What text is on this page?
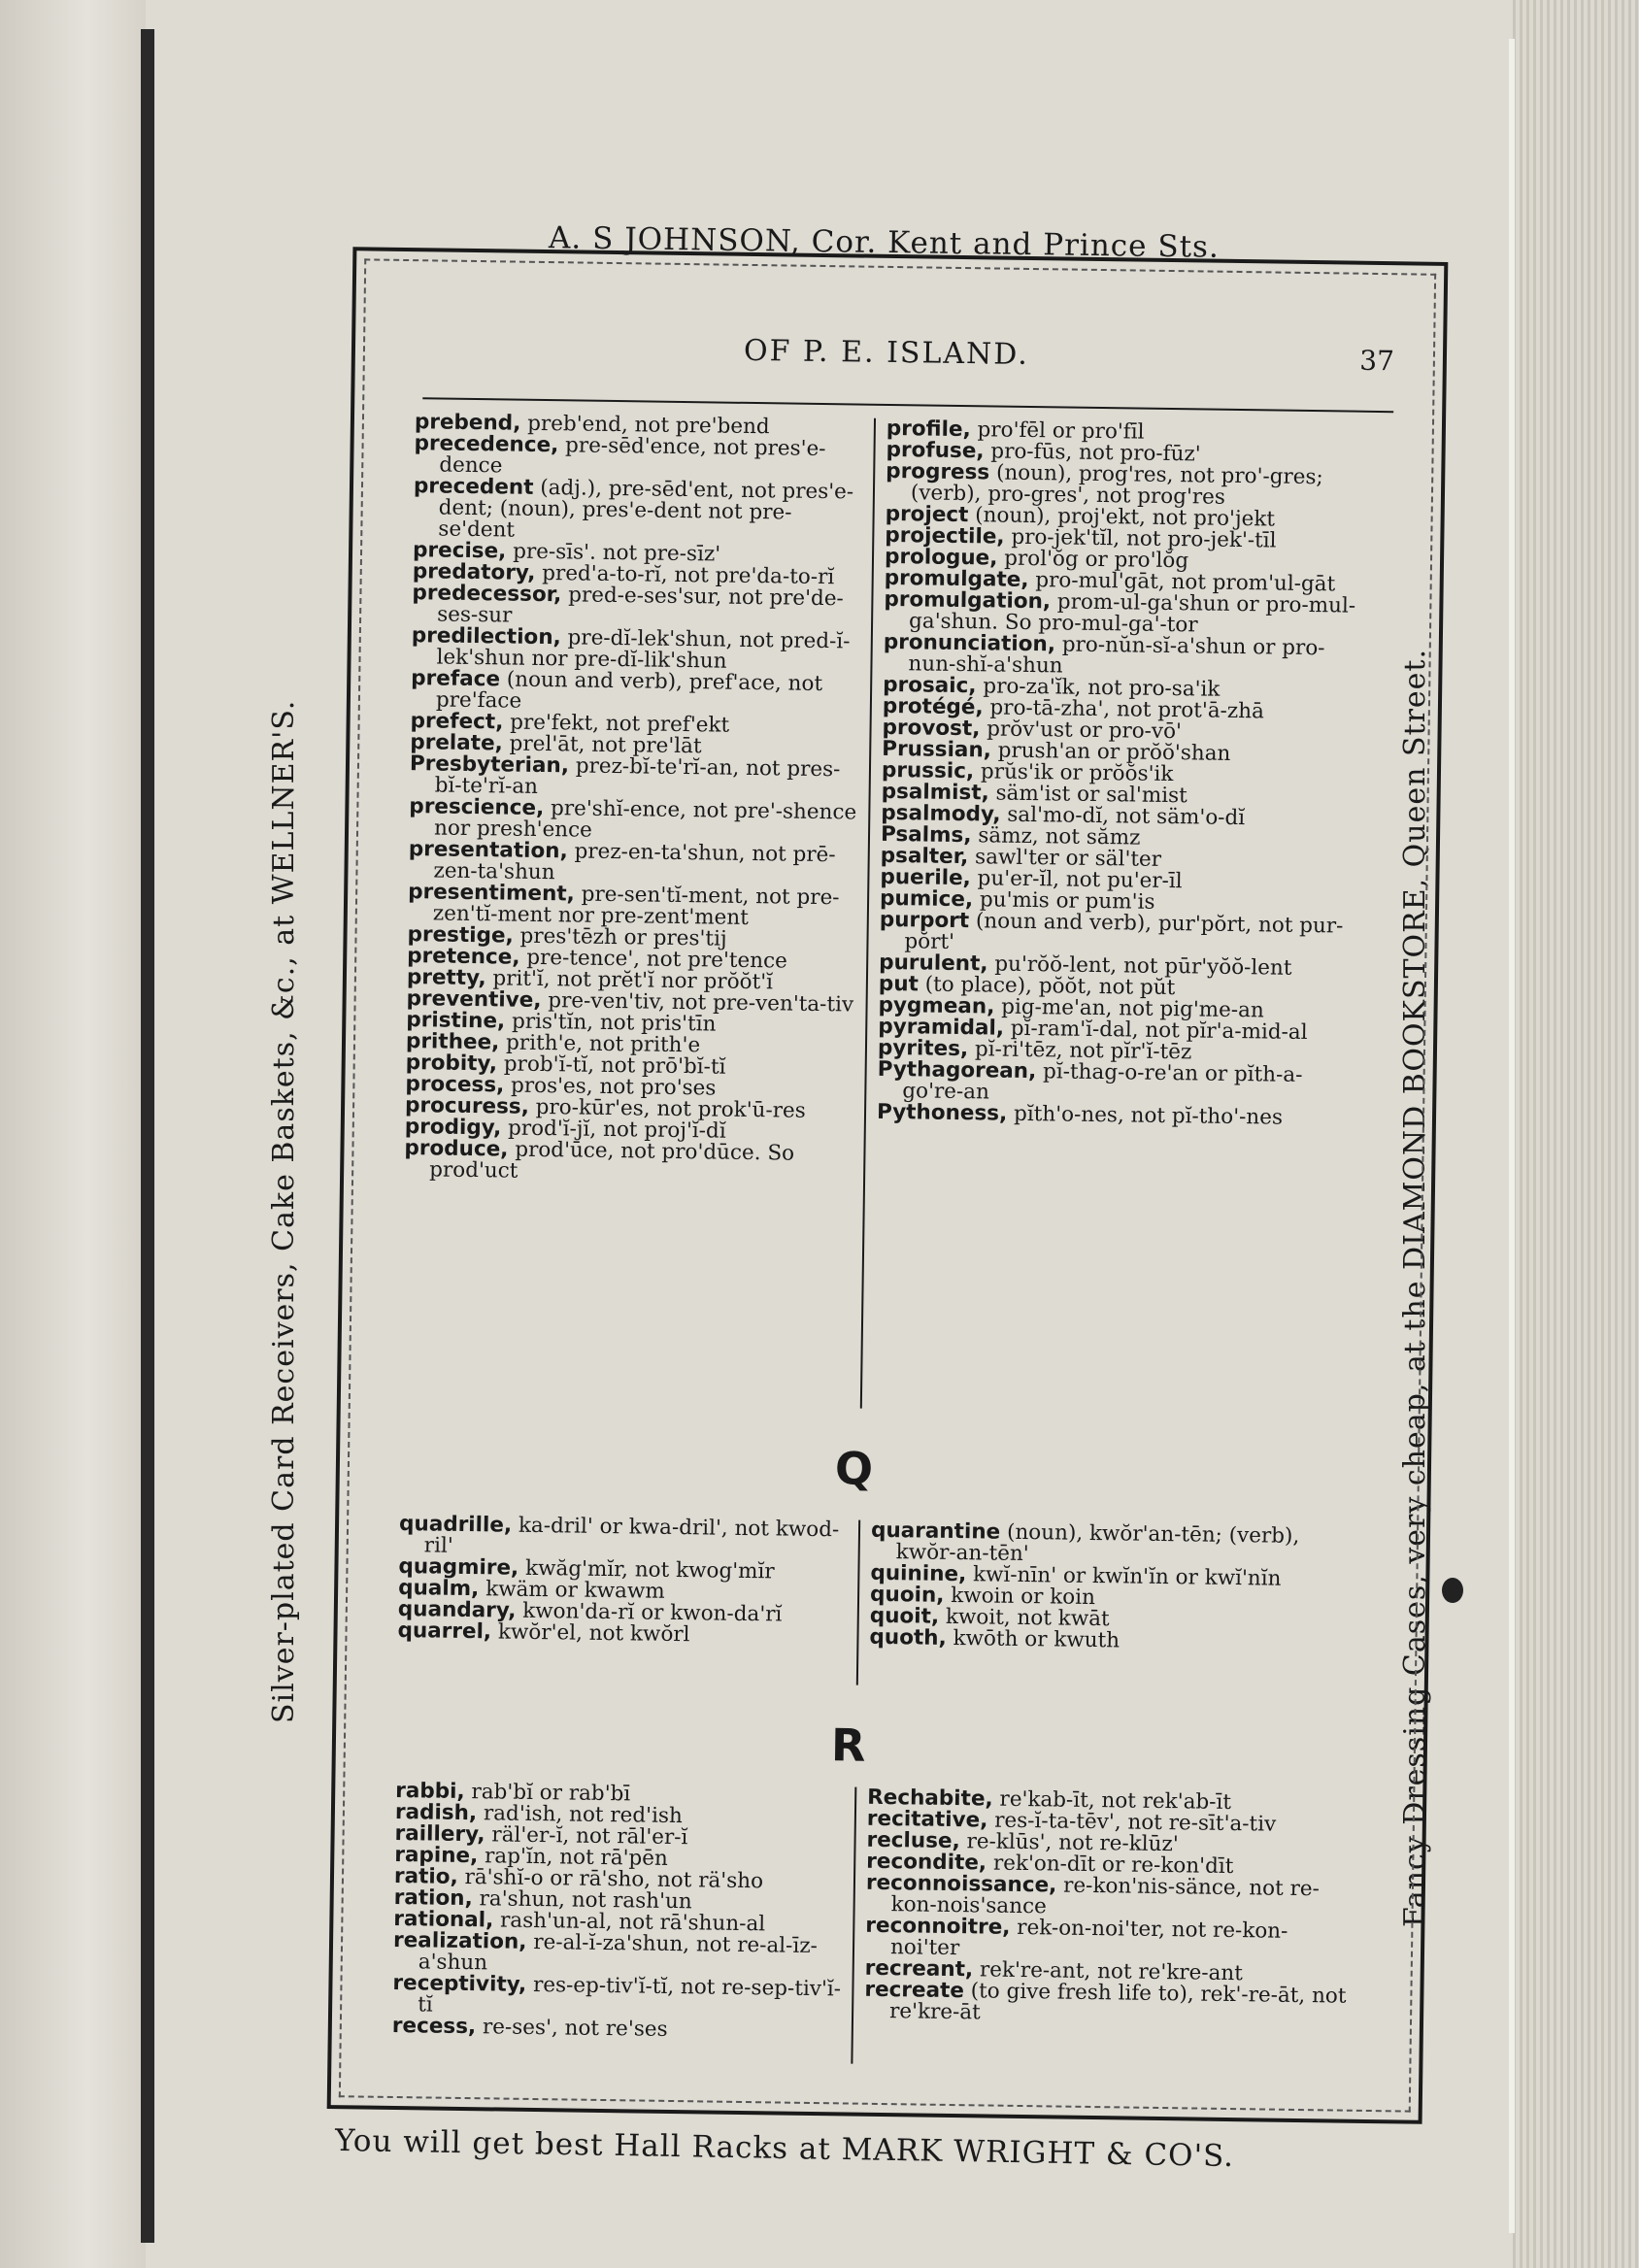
A. S JOHNSON, Cor. Kent and Prince Sts.
Silver-plated Card Receivers, Cake Baskets, &c., at WELLNER'S.	Fancy Dressing Cases, very cheap, at the DIAMOND BOOKSTORE, Queen Street.
You will get best Hall Racks at MARK WRIGHT & CO'S.
OF P. E. ISLAND.	37

prebend, preb'end, not pre'bend

precedence, pre-sēd'ence, not pres'e-dence

precedent (adj.), pre-sēd'ent, not pres'e-dent; (noun), pres'e-dent not pre-se'dent

precise, pre-sīs'. not pre-sīz'

predatory, pred'a-to-rĭ, not pre'da-to-rĭ

predecessor, pred-e-ses'sur, not pre'de-ses-sur

predilection, pre-dĭ-lek'shun, not pred-ĭ-lek'shun nor pre-dĭ-lik'shun

preface (noun and verb), pref'ace, not pre'face

prefect, pre'fekt, not pref'ekt

prelate, prel'āt, not pre'lāt

Presbyterian, prez-bĭ-te'rĭ-an, not pres-bĭ-te'rĭ-an

prescience, pre'shĭ-ence, not pre'-shence nor presh'ence

presentation, prez-en-ta'shun, not prē-zen-ta'shun

presentiment, pre-sen'tĭ-ment, not pre-zen'tĭ-ment nor pre-zent'ment

prestige, pres'tēzh or pres'tij

pretence, pre-tence', not pre'tence

pretty, prit'ĭ, not prĕt'ĭ nor prŏŏt'ĭ

preventive, pre-ven'tiv, not pre-ven'ta-tiv

pristine, pris'tĭn, not pris'tīn

prithee, prith'e, not prith'e

probity, prob'ĭ-tĭ, not prō'bĭ-tĭ

process, pros'es, not pro'ses

procuress, pro-kūr'es, not prok'ū-res

prodigy, prod'ĭ-jĭ, not proj'ĭ-dĭ

produce, prod'ūce, not pro'dūce. So prod'uct

profile, pro'fēl or pro'fīl

profuse, pro-fūs, not pro-fūz'

progress (noun), prog'res, not pro'-gres; (verb), pro-gres', not prog'res

project (noun), proj'ekt, not pro'jekt

projectile, pro-jek'tĭl, not pro-jek'-tīl

prologue, prol'ŏg or pro'lŏg

promulgate, pro-mul'gāt, not prom'ul-gāt

promulgation, prom-ul-ga'shun or pro-mul-ga'shun. So pro-mul-ga'-tor

pronunciation, pro-nŭn-sĭ-a'shun or pro-nun-shĭ-a'shun

prosaic, pro-za'ĭk, not pro-sa'ik

protégé, pro-tā-zha', not prot'ā-zhā

provost, prŏv'ust or pro-vō'

Prussian, prush'an or prŏŏ'shan

prussic, prŭs'ik or prŏŏs'ik

psalmist, säm'ist or sal'mist

psalmody, sal'mo-dĭ, not säm'o-dĭ

Psalms, sämz, not sămz

psalter, sawl'ter or säl'ter

puerile, pu'er-ĭl, not pu'er-īl

pumice, pu'mis or pum'is

purport (noun and verb), pur'pŏrt, not pur-pŏrt'

purulent, pu'rŏŏ-lent, not pūr'yŏŏ-lent

put (to place), pŏŏt, not pŭt

pygmean, pig-me'an, not pig'me-an

pyramidal, pĭ-ram'ĭ-dal, not pĭr'a-mid-al

pyrites, pĭ-ri'tēz, not pĭr'ĭ-tēz

Pythagorean, pĭ-thag-o-re'an or pĭth-a-go're-an

Pythoness, pĭth'o-nes, not pĭ-tho'-nes

Q

quadrille, ka-dril' or kwa-dril', not kwod-ril'

quagmire, kwăg'mĭr, not kwog'mĭr

qualm, kwäm or kwawm

quandary, kwon'da-rĭ or kwon-da'rĭ

quarrel, kwŏr'el, not kwŏrl

quarantine (noun), kwŏr'an-tēn; (verb), kwŏr-an-tēn'

quinine, kwĭ-nīn' or kwĭn'ĭn or kwĭ'nĭn

quoin, kwoin or koin

quoit, kwoit, not kwāt

quoth, kwōth or kwuth

R

rabbi, rab'bĭ or rab'bī

radish, rad'ish, not red'ish

raillery, räl'er-ĭ, not rāl'er-ĭ

rapine, rap'ĭn, not rā'pēn

ratio, rā'shĭ-o or rā'sho, not rä'sho

ration, ra'shun, not rash'un

rational, rash'un-al, not rā'shun-al

realization, re-al-ĭ-za'shun, not re-al-īz-a'shun

receptivity, res-ep-tiv'ĭ-tĭ, not re-sep-tiv'ĭ-tĭ

recess, re-ses', not re'ses

Rechabite, re'kab-īt, not rek'ab-īt

recitative, res-ĭ-ta-tēv', not re-sīt'a-tiv

recluse, re-klūs', not re-klūz'

recondite, rek'on-dīt or re-kon'dīt

reconnoissance, re-kon'nis-sänce, not re-kon-nois'sance

reconnoitre, rek-on-noi'ter, not re-kon-noi'ter

recreant, rek're-ant, not re'kre-ant

recreate (to give fresh life to), rek'-re-āt, not re'kre-āt
